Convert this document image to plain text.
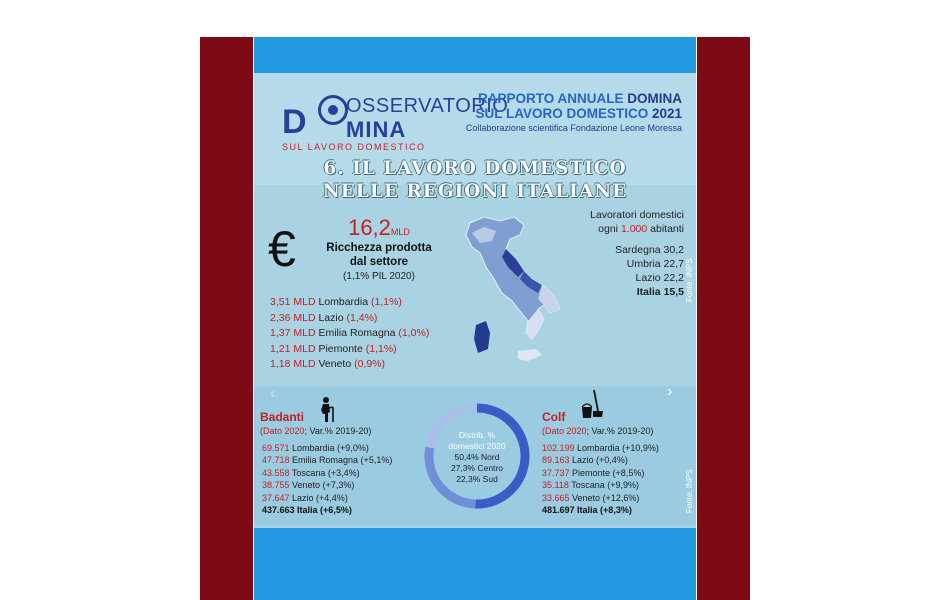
D OSSERVATORIO
MINA
SUL LAVORO DOMESTICO
RAPPORTO ANNUALE DOMINA
SUL LAVORO DOMESTICO 2021
Collaborazione scientifica Fondazione Leone Moressa
6. IL LAVORO DOMESTICO
NELLE REGIONI ITALIANE
€	16,2MLD
Ricchezza prodotta
dal settore
(1,1% PIL 2020)
3,51 MLD Lombardia (1,1%)
2,36 MLD Lazio (1,4%)
1,37 MLD Emilia Romagna (1,0%)
1,21 MLD Piemonte (1,1%)
1,18 MLD Veneto (0,9%)
Lavoratori domestici
ogni 1.000 abitanti
Sardegna 30,2
Umbria 22,7
Lazio 22,2
Italia 15,5 Fonte: INPS
‹	›
Badanti
(Dato 2020; Var.% 2019-20)
69.571 Lombardia (+9,0%)
47.718 Emilia Romagna (+5,1%)
43.558 Toscana (+3,4%)
38.755 Veneto (+7,3%)
37.647 Lazio (+4,4%)
437.663 Italia (+6,5%)
Distrib. %
domestici 2020
50,4% Nord
27,3% Centro
22,3% Sud
Colf
(Dato 2020; Var.% 2019-20)
102.199 Lombardia (+10,9%)
89.163 Lazio (+0,4%)
37.737 Piemonte (+8,5%)
35.118 Toscana (+9,9%)
33.665 Veneto (+12,6%)
481.697 Italia (+8,3%)	Fonte: INPS
